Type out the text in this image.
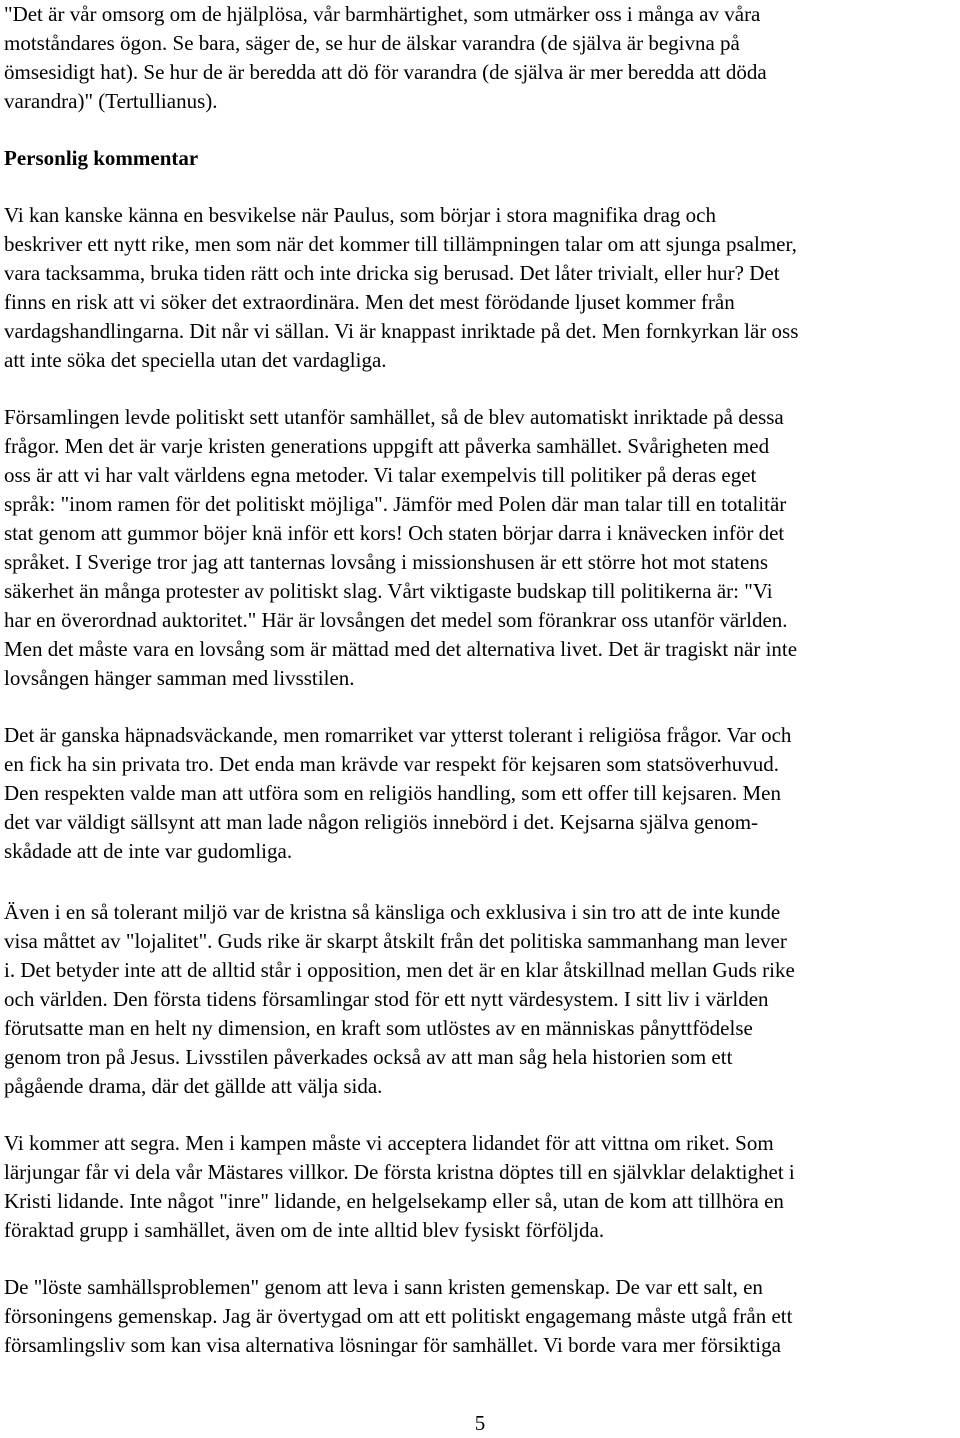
"Det är vår omsorg om de hjälplösa, vår barmhärtighet, som utmärker oss i många av våra
motståndares ögon. Se bara, säger de, se hur de älskar varandra (de själva är begivna på
ömsesidigt hat). Se hur de är beredda att dö för varandra (de själva är mer beredda att döda
varandra)" (Tertullianus).
Personlig kommentar
Vi kan kanske känna en besvikelse när Paulus, som börjar i stora magnifika drag och
beskriver ett nytt rike, men som när det kommer till tillämpningen talar om att sjunga psalmer,
vara tacksamma, bruka tiden rätt och inte dricka sig berusad. Det låter trivialt, eller hur? Det
finns en risk att vi söker det extraordinära. Men det mest förödande ljuset kommer från
vardagshandlingarna. Dit når vi sällan. Vi är knappast inriktade på det. Men fornkyrkan lär oss
att inte söka det speciella utan det vardagliga.
Församlingen levde politiskt sett utanför samhället, så de blev automatiskt inriktade på dessa
frågor. Men det är varje kristen generations uppgift att påverka samhället. Svårigheten med
oss är att vi har valt världens egna metoder. Vi talar exempelvis till politiker på deras eget
språk: "inom ramen för det politiskt möjliga". Jämför med Polen där man talar till en totalitär
stat genom att gummor böjer knä inför ett kors! Och staten börjar darra i knävecken inför det
språket. I Sverige tror jag att tanternas lovsång i missionshusen är ett större hot mot statens
säkerhet än många protester av politiskt slag. Vårt viktigaste budskap till politikerna är: "Vi
har en överordnad auktoritet." Här är lovsången det medel som förankrar oss utanför världen.
Men det måste vara en lovsång som är mättad med det alternativa livet. Det är tragiskt när inte
lovsången hänger samman med livsstilen.
Det är ganska häpnadsväckande, men romarriket var ytterst tolerant i religiösa frågor. Var och
en fick ha sin privata tro. Det enda man krävde var respekt för kejsaren som statsöverhuvud.
Den respekten valde man att utföra som en religiös handling, som ett offer till kejsaren. Men
det var väldigt sällsynt att man lade någon religiös innebörd i det. Kejsarna själva genom-
skådade att de inte var gudomliga.
Även i en så tolerant miljö var de kristna så känsliga och exklusiva i sin tro att de inte kunde
visa måttet av "lojalitet". Guds rike är skarpt åtskilt från det politiska sammanhang man lever
i. Det betyder inte att de alltid står i opposition, men det är en klar åtskillnad mellan Guds rike
och världen. Den första tidens församlingar stod för ett nytt värdesystem. I sitt liv i världen
förutsatte man en helt ny dimension, en kraft som utlöstes av en människas pånyttfödelse
genom tron på Jesus. Livsstilen påverkades också av att man såg hela historien som ett
pågående drama, där det gällde att välja sida.
Vi kommer att segra. Men i kampen måste vi acceptera lidandet för att vittna om riket. Som
lärjungar får vi dela vår Mästares villkor. De första kristna döptes till en självklar delaktighet i
Kristi lidande. Inte något "inre" lidande, en helgelsekamp eller så, utan de kom att tillhöra en
föraktad grupp i samhället, även om de inte alltid blev fysiskt förföljda.
De "löste samhällsproblemen" genom att leva i sann kristen gemenskap. De var ett salt, en
försoningens gemenskap. Jag är övertygad om att ett politiskt engagemang måste utgå från ett
församlingsliv som kan visa alternativa lösningar för samhället. Vi borde vara mer försiktiga
5
